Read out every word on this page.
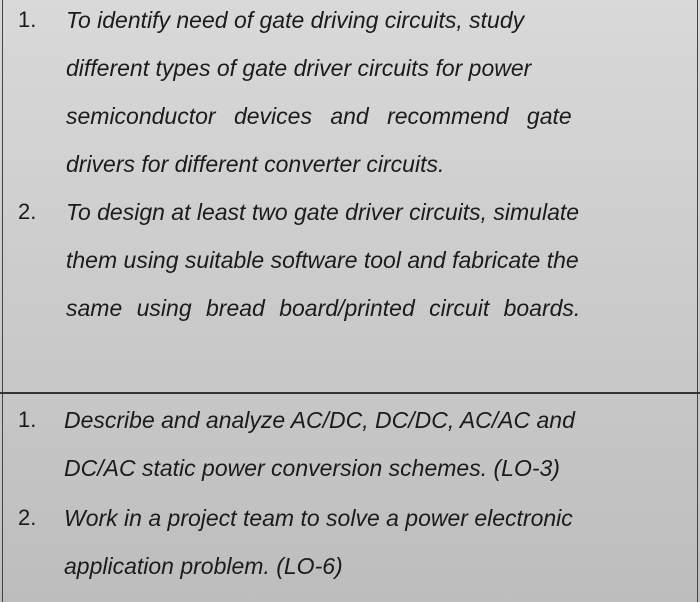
1. To identify need of gate driving circuits, study
different types of gate driver circuits for power
semiconductor devices and recommend gate
drivers for different converter circuits.
2. To design at least two gate driver circuits, simulate
them using suitable software tool and fabricate the
same using bread board/printed circuit boards.
1. Describe and analyze AC/DC, DC/DC, AC/AC and
DC/AC static power conversion schemes. (LO-3)
2. Work in a project team to solve a power electronic
application problem. (LO-6)
